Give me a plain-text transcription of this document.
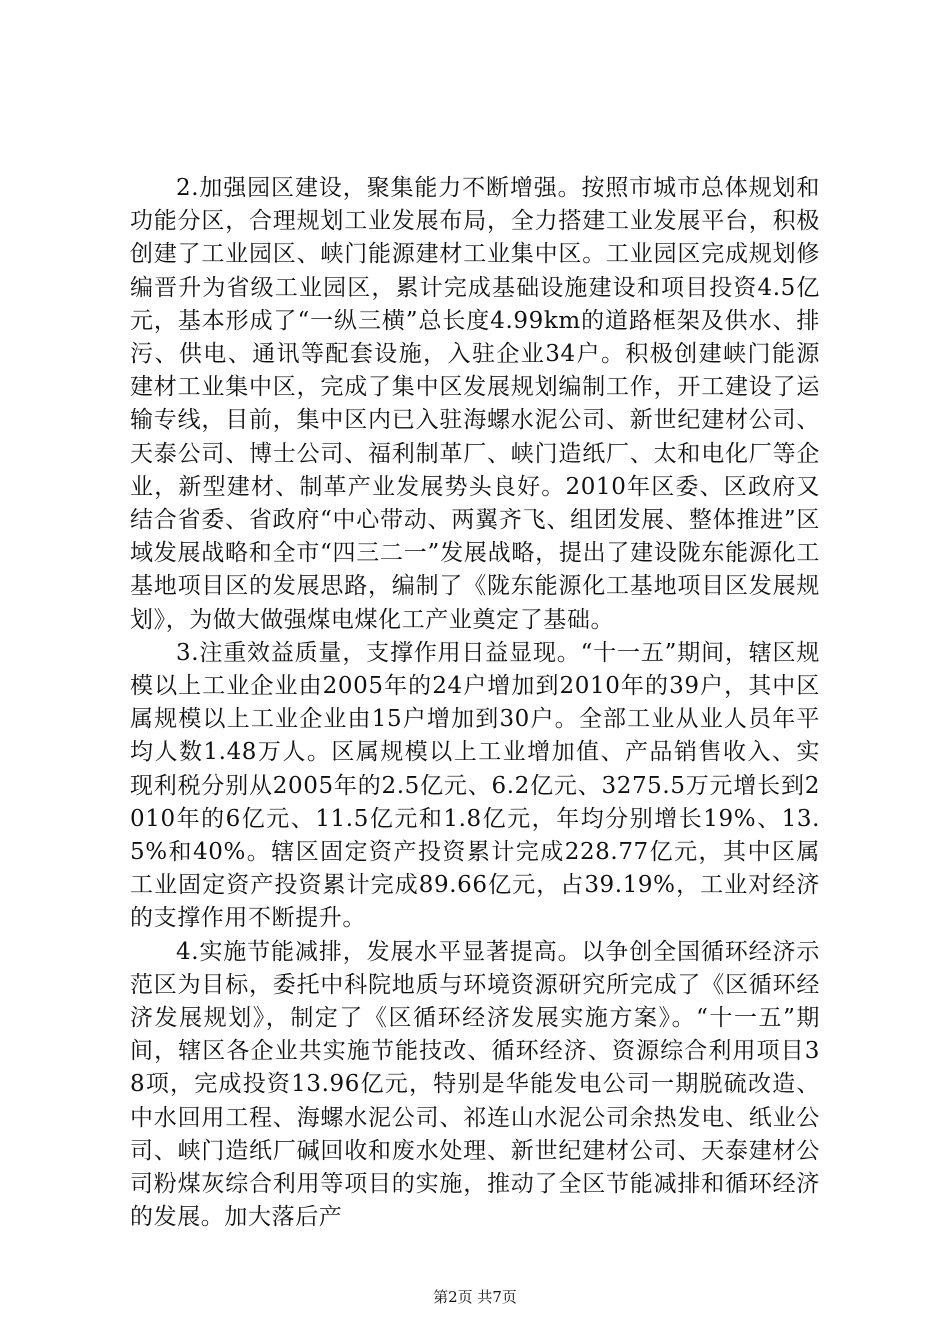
2.加强园区建设，聚集能力不断增强。按照市城市总体规划和功能分区，合理规划工业发展布局，全力搭建工业发展平台，积极创建了工业园区、峡门能源建材工业集中区。工业园区完成规划修编晋升为省级工业园区，累计完成基础设施建设和项目投资4.5亿元，基本形成了“一纵三横”总长度4.99km的道路框架及供水、排污、供电、通讯等配套设施，入驻企业34户。积极创建峡门能源建材工业集中区，完成了集中区发展规划编制工作，开工建设了运输专线，目前，集中区内已入驻海螺水泥公司、新世纪建材公司、天泰公司、博士公司、福利制革厂、峡门造纸厂、太和电化厂等企业，新型建材、制革产业发展势头良好。2010年区委、区政府又结合省委、省政府“中心带动、两翼齐飞、组团发展、整体推进”区域发展战略和全市“四三二一”发展战略，提出了建设陇东能源化工基地项目区的发展思路，编制了《陇东能源化工基地项目区发展规划》，为做大做强煤电煤化工产业奠定了基础。

3.注重效益质量，支撑作用日益显现。“十一五”期间，辖区规模以上工业企业由2005年的24户增加到2010年的39户，其中区属规模以上工业企业由15户增加到30户。全部工业从业人员年平均人数1.48万人。区属规模以上工业增加值、产品销售收入、实现利税分别从2005年的2.5亿元、6.2亿元、3275.5万元增长到2010年的6亿元、11.5亿元和1.8亿元，年均分别增长19%、13.5%和40%。辖区固定资产投资累计完成228.77亿元，其中区属工业固定资产投资累计完成89.66亿元，占39.19%，工业对经济的支撑作用不断提升。

4.实施节能减排，发展水平显著提高。以争创全国循环经济示范区为目标，委托中科院地质与环境资源研究所完成了《区循环经济发展规划》，制定了《区循环经济发展实施方案》。“十一五”期间，辖区各企业共实施节能技改、循环经济、资源综合利用项目38项，完成投资13.96亿元，特别是华能发电公司一期脱硫改造、中水回用工程、海螺水泥公司、祁连山水泥公司余热发电、纸业公司、峡门造纸厂碱回收和废水处理、新世纪建材公司、天泰建材公司粉煤灰综合利用等项目的实施，推动了全区节能减排和循环经济的发展。加大落后产

第2页 共7页
